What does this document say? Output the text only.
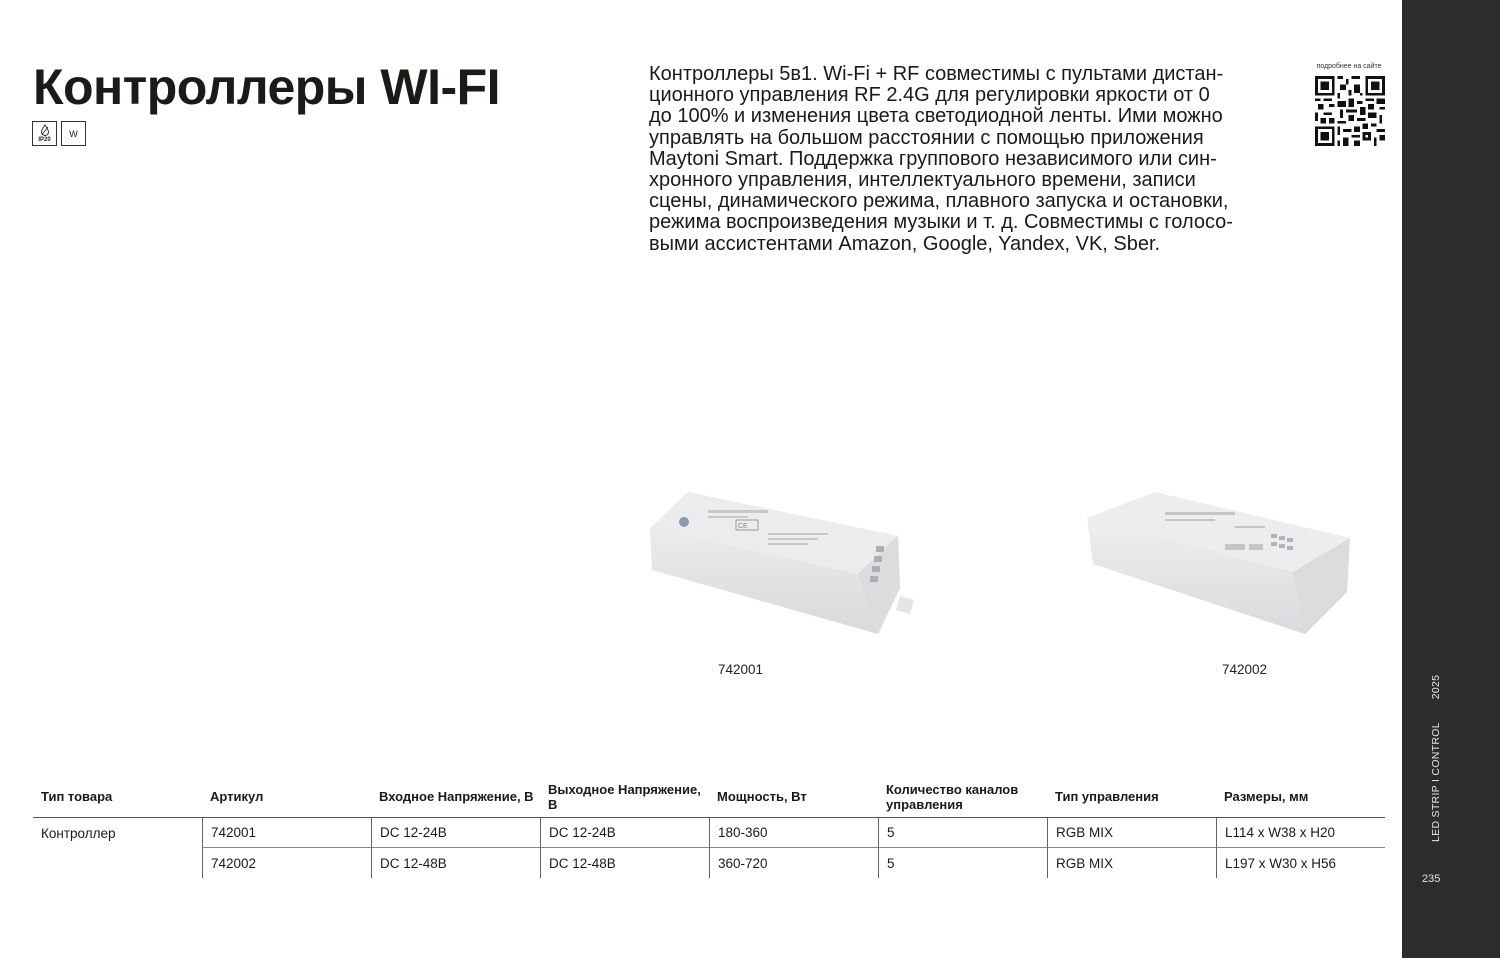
Контроллеры WI-FI
IP20
W
Контроллеры 5в1. Wi-Fi + RF совместимы с пультами дистан-
ционного управления RF 2.4G для регулировки яркости от 0
до 100% и изменения цвета светодиодной ленты. Ими можно
управлять на большом расстоянии с помощью приложения
Maytoni Smart. Поддержка группового независимого или син-
хронного управления, интеллектуального времени, записи
сцены, динамического режима, плавного запуска и остановки,
режима воспроизведения музыки и т. д. Совместимы с голосо-
выми ассистентами Amazon, Google, Yandex, VK, Sber.
подробнее на сайте
CE
742001	742002
Тип товара	Артикул	Входное Напряжение, В	Выходное Напряжение, В	Мощность, Вт	Количество каналов управления	Тип управления	Размеры, мм
Контроллер	742001	DC 12-24В	DC 12-24В	180-360	5	RGB MIX	L114 x W38 x H20
742002	DC 12-48В	DC 12-48В	360-720	5	RGB MIX	L197 x W30 x H56
LED STRIP I CONTROL 2025
235
